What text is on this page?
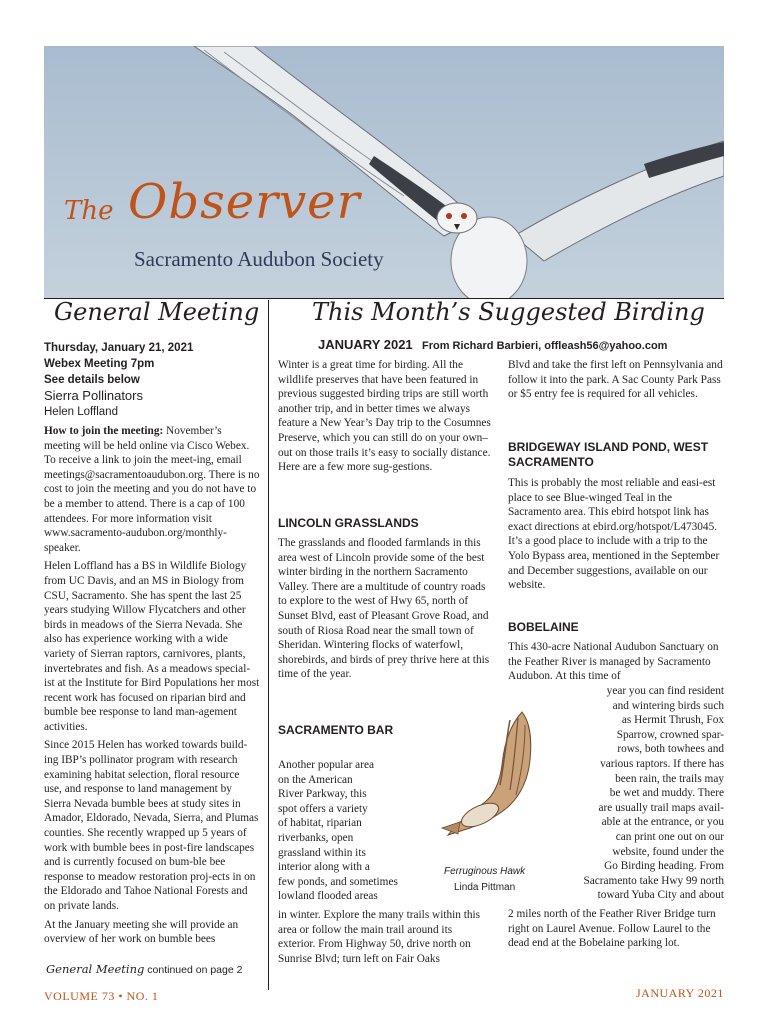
The Observer
Sacramento Audubon Society
General Meeting
Thursday, January 21, 2021
Webex Meeting 7pm
See details below
Sierra Pollinators
Helen Loffland

How to join the meeting: November’s meeting will be held online via Cisco Webex. To receive a link to join the meet-ing, email meetings@sacramentoaudubon.org. There is no cost to join the meeting and you do not have to be a member to attend. There is a cap of 100 attendees. For more information visit www.sacramento-audubon.org/monthly-speaker.

Helen Loffland has a BS in Wildlife Biology from UC Davis, and an MS in Biology from CSU, Sacramento. She has spent the last 25 years studying Willow Flycatchers and other birds in meadows of the Sierra Nevada. She also has experience working with a wide variety of Sierran raptors, carnivores, plants, invertebrates and fish. As a meadows special-ist at the Institute for Bird Populations her most recent work has focused on riparian bird and bumble bee response to land man-agement activities.

Since 2015 Helen has worked towards build-ing IBP’s pollinator program with research examining habitat selection, floral resource use, and response to land management by Sierra Nevada bumble bees at study sites in Amador, Eldorado, Nevada, Sierra, and Plumas counties. She recently wrapped up 5 years of work with bumble bees in post-fire landscapes and is currently focused on bum-ble bee response to meadow restoration proj-ects in on the Eldorado and Tahoe National Forests and on private lands.

At the January meeting she will provide an overview of her work on bumble bees

General Meeting continued on page 2
This Month’s Suggested Birding
JANUARY 2021 From Richard Barbieri, offleash56@yahoo.com
Winter is a great time for birding. All the wildlife preserves that have been featured in previous suggested birding trips are still worth another trip, and in better times we always feature a New Year’s Day trip to the Cosumnes Preserve, which you can still do on your own–out on those trails it’s easy to socially distance. Here are a few more sug-gestions.
LINCOLN GRASSLANDS
The grasslands and flooded farmlands in this area west of Lincoln provide some of the best winter birding in the northern Sacramento Valley. There are a multitude of country roads to explore to the west of Hwy 65, north of Sunset Blvd, east of Pleasant Grove Road, and south of Riosa Road near the small town of Sheridan. Wintering flocks of waterfowl, shorebirds, and birds of prey thrive here at this time of the year.
SACRAMENTO BAR
Another popular area
on the American
River Parkway, this
spot offers a variety
of habitat, riparian
riverbanks, open
grassland within its
interior along with a
few ponds, and sometimes
lowland flooded areas
in winter. Explore the many trails within this area or follow the main trail around its exterior. From Highway 50, drive north on Sunrise Blvd; turn left on Fair Oaks
Ferruginous Hawk
Linda Pittman
Blvd and take the first left on Pennsylvania and follow it into the park. A Sac County Park Pass or $5 entry fee is required for all vehicles.
BRIDGEWAY ISLAND POND, WEST SACRAMENTO
This is probably the most reliable and easi-est place to see Blue-winged Teal in the Sacramento area. This ebird hotspot link has exact directions at ebird.org/hotspot/L473045. It’s a good place to include with a trip to the Yolo Bypass area, mentioned in the September and December suggestions, available on our website.
BOBELAINE
This 430-acre National Audubon Sanctuary on the Feather River is managed by Sacramento Audubon. At this time of
year you can find resident
and wintering birds such
as Hermit Thrush, Fox
Sparrow, crowned spar-
rows, both towhees and
various raptors. If there has
been rain, the trails may
be wet and muddy. There
are usually trail maps avail-
able at the entrance, or you
can print one out on our
website, found under the
Go Birding heading. From
Sacramento take Hwy 99 north
toward Yuba City and about
2 miles north of the Feather River Bridge turn right on Laurel Avenue. Follow Laurel to the dead end at the Bobelaine parking lot.
VOLUME 73 • NO. 1	JANUARY 2021
